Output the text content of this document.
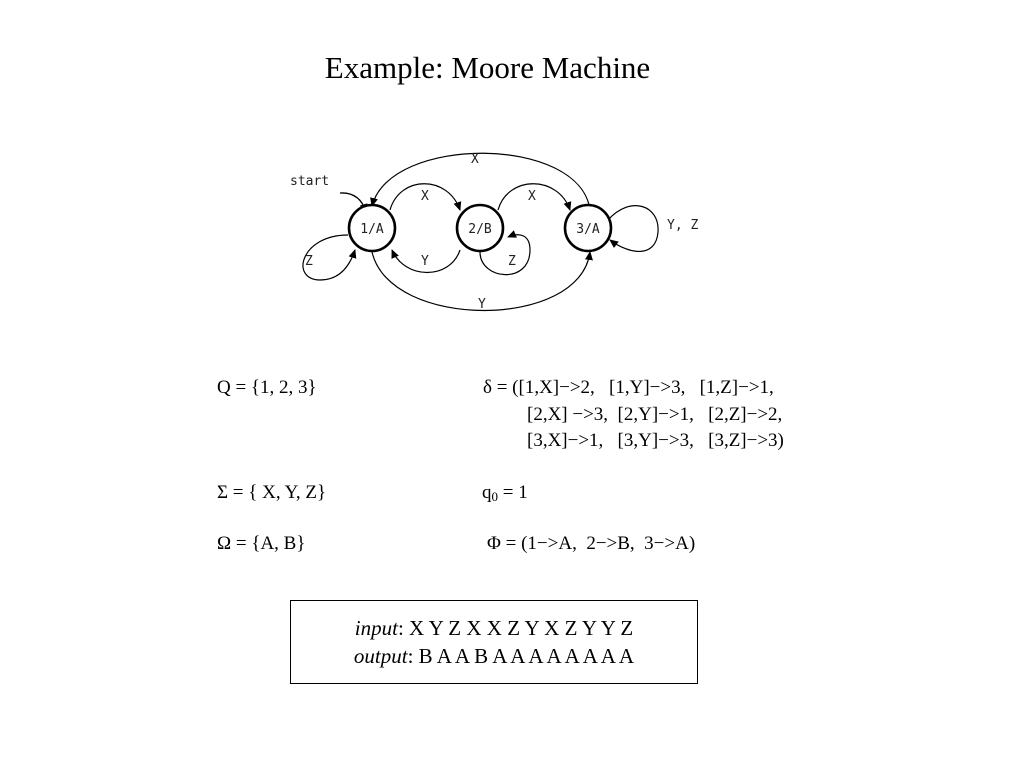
Example: Moore Machine
start
X
X	X
Z	Y	Z
Y, Z
Y
1/A	2/B	3/A
Q = {1, 2, 3}
Σ = { X, Y, Z}
Ω = {A, B}
δ = ([1,X]−>2,   [1,Y]−>3,   [1,Z]−>1,
[2,X] −>3,  [2,Y]−>1,   [2,Z]−>2,
[3,X]−>1,   [3,Y]−>3,   [3,Z]−>3)
$q_0 = 1$
Φ = (1−>A,  2−>B,  3−>A)
input: X Y Z X X Z Y X Z Y Y Z
output: B A A B A A A A A A A A
